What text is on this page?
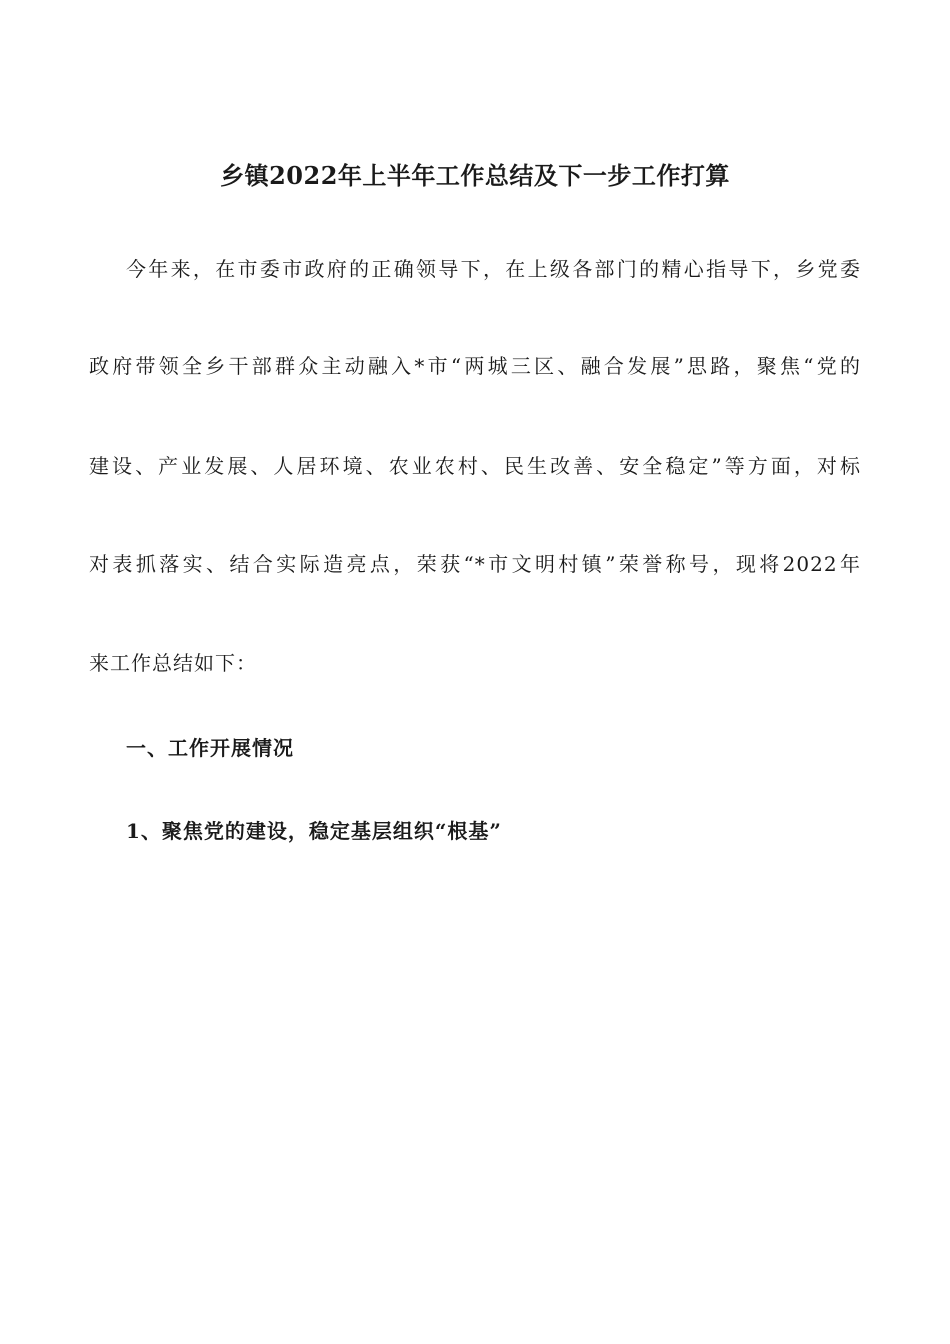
乡镇2022年上半年工作总结及下一步工作打算
今年来，在市委市政府的正确领导下，在上级各部门的精心指导下，乡党委
政府带领全乡干部群众主动融入*市“两城三区、融合发展”思路，聚焦“党的
建设、产业发展、人居环境、农业农村、民生改善、安全稳定”等方面，对标
对表抓落实、结合实际造亮点，荣获“*市文明村镇”荣誉称号，现将2022年
来工作总结如下：
一、工作开展情况
1、聚焦党的建设，稳定基层组织“根基”
